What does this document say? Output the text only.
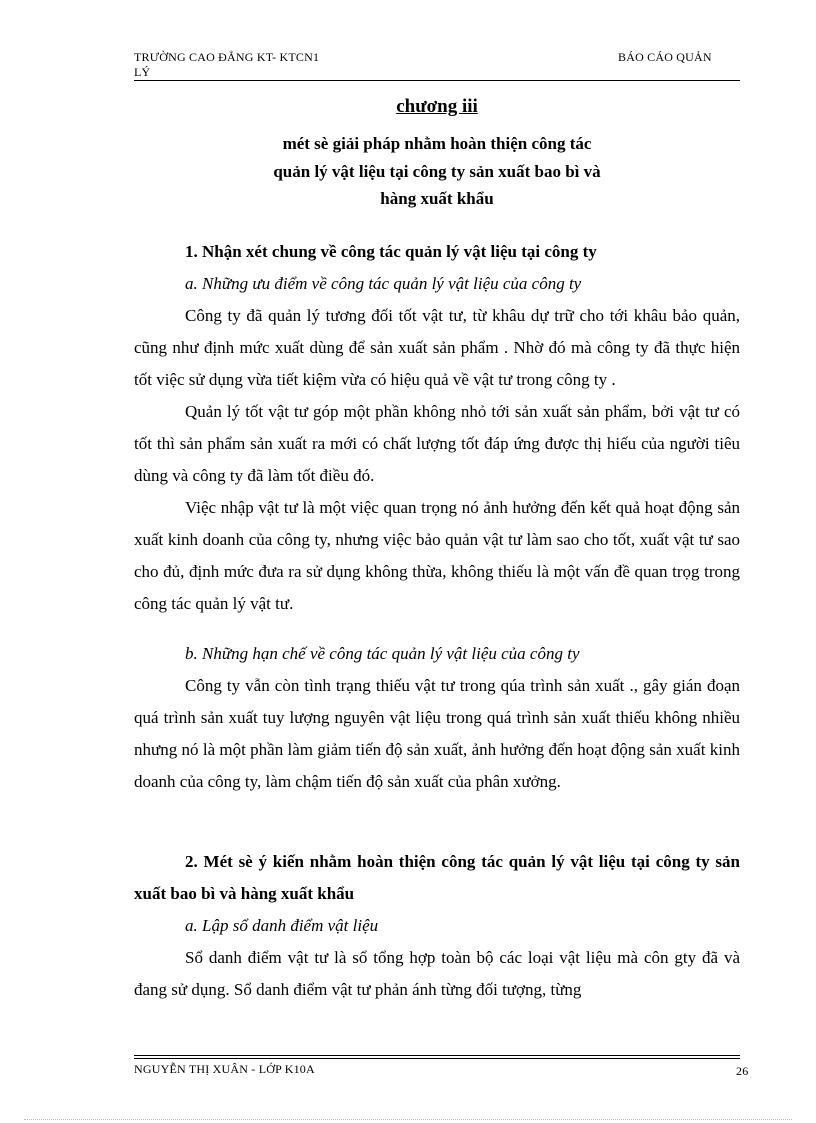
TRƯỜNG CAO ĐẲNG KT- KTCN1	BÁO CÁO QUẢN
LÝ
chương iii
mét sè giải pháp nhằm hoàn thiện công tác
quản lý vật liệu tại công ty sản xuất bao bì và
hàng xuất khẩu

1. Nhận xét chung về công tác quản lý vật liệu tại công ty

a. Những ưu điểm về công tác quản lý vật liệu của công ty

Công ty đã quản lý tương đối tốt vật tư, từ khâu dự trữ cho tới khâu bảo quản, cũng như định mức xuất dùng để sản xuất sản phẩm . Nhờ đó mà công ty đã thực hiện tốt việc sử dụng vừa tiết kiệm vừa có hiệu quả về vật tư trong công ty .

Quản lý tốt vật tư góp một phần không nhỏ tới sản xuất sản phẩm, bởi vật tư có tốt thì sản phẩm sản xuất ra mới có chất lượng tốt đáp ứng được thị hiếu của người tiêu dùng và công ty đã làm tốt điều đó.

Việc nhập vật tư là một việc quan trọng nó ảnh hưởng đến kết quả hoạt động sản xuất kinh doanh của công ty, nhưng việc bảo quản vật tư làm sao cho tốt, xuất vật tư sao cho đủ, định mức đưa ra sử dụng không thừa, không thiếu là một vấn đề quan trọg trong công tác quản lý vật tư.

b. Những hạn chế về công tác quản lý vật liệu của công ty

Công ty vẫn còn tình trạng thiếu vật tư trong qúa trình sản xuất ., gây gián đoạn quá trình sản xuất tuy lượng nguyên vật liệu trong quá trình sản xuất thiếu không nhiều nhưng nó là một phần làm giảm tiến độ sản xuất, ảnh hưởng đến hoạt động sản xuất kinh doanh của công ty, làm chậm tiến độ sản xuất của phân xưởng.

2. Mét sè ý kiến nhằm hoàn thiện công tác quản lý vật liệu tại công ty sản xuất bao bì và hàng xuất khẩu

a. Lập sổ danh điểm vật liệu

Sổ danh điểm vật tư là sổ tổng hợp toàn bộ các loại vật liệu mà côn gty đã và đang sử dụng. Sổ danh điểm vật tư phản ánh từng đối tượng, từng

NGUYỄN THỊ XUÂN - LỚP K10A	26
